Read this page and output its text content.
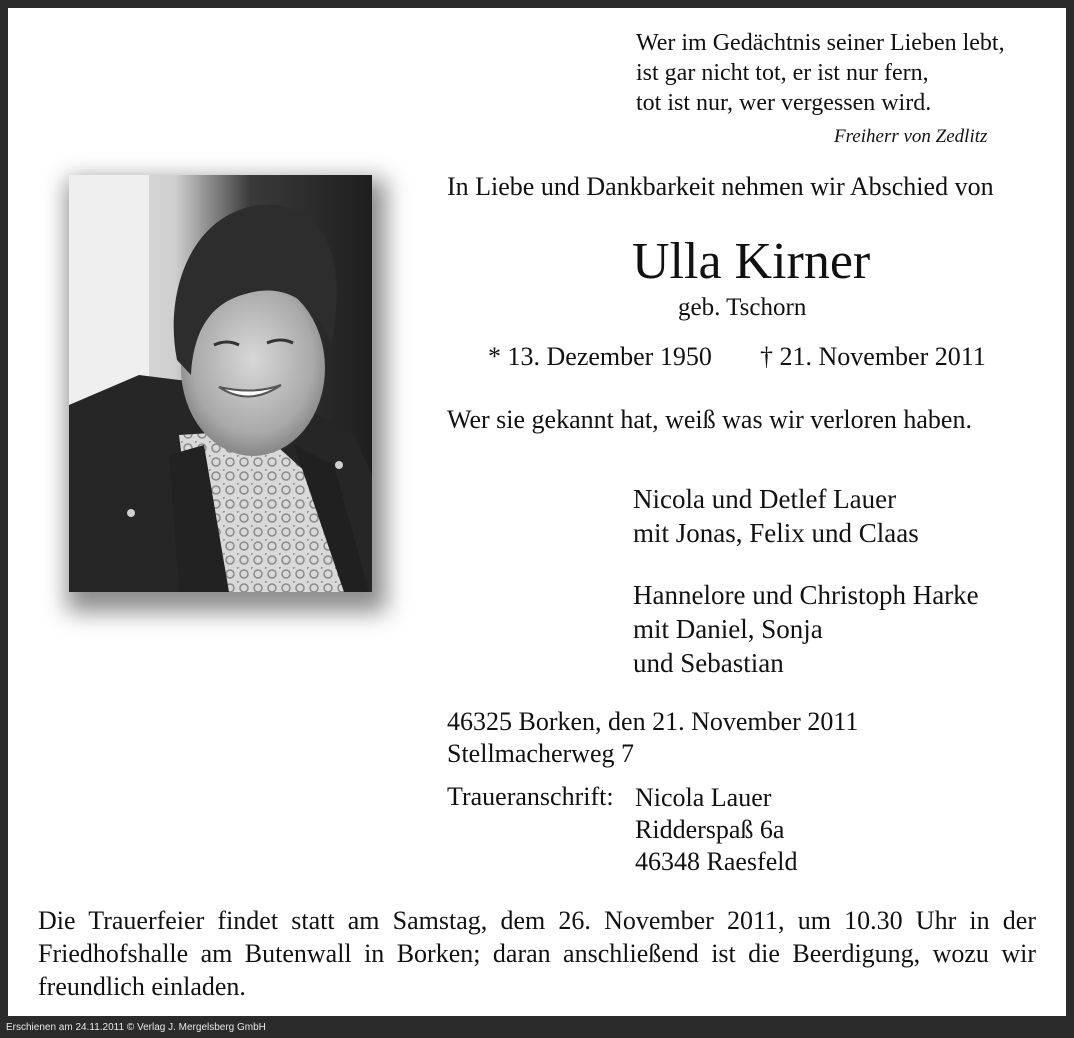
Wer im Gedächtnis seiner Lieben lebt,
ist gar nicht tot, er ist nur fern,
tot ist nur, wer vergessen wird.

Freiherr von Zedlitz

In Liebe und Dankbarkeit nehmen wir Abschied von

Ulla Kirner

geb. Tschorn

* 13. Dezember 1950 † 21. November 2011

Wer sie gekannt hat, weiß was wir verloren haben.

Nicola und Detlef Lauer
mit Jonas, Felix und Claas
Hannelore und Christoph Harke
mit Daniel, Sonja
und Sebastian
46325 Borken, den 21. November 2011
Stellmacherweg 7

Traueranschrift: Nicola Lauer
Ridderspaß 6a
46348 Raesfeld

Die Trauerfeier findet statt am Samstag, dem 26. November 2011, um 10.30 Uhr in der Friedhofshalle am Butenwall in Borken; daran anschließend ist die Beerdigung, wozu wir freundlich einladen.

Erschienen am 24.11.2011 © Verlag J. Mergelsberg GmbH
